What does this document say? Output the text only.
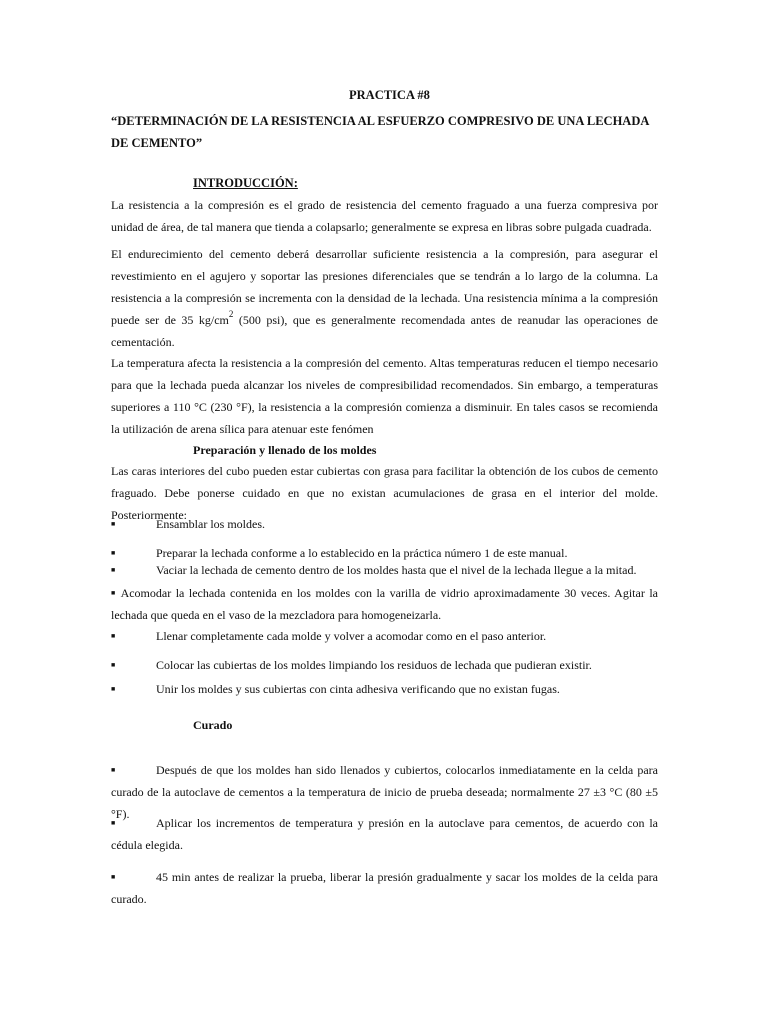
PRACTICA #8

“DETERMINACIÓN DE LA RESISTENCIA AL ESFUERZO COMPRESIVO DE UNA LECHADA DE CEMENTO”

INTRODUCCIÓN:

La resistencia a la compresión es el grado de resistencia del cemento fraguado a una fuerza compresiva por unidad de área, de tal manera que tienda a colapsarlo; generalmente se expresa en libras sobre pulgada cuadrada.

El endurecimiento del cemento deberá desarrollar suficiente resistencia a la compresión, para asegurar el revestimiento en el agujero y soportar las presiones diferenciales que se tendrán a lo largo de la columna. La resistencia a la compresión se incrementa con la densidad de la lechada. Una resistencia mínima a la compresión puede ser de 35 $kg/cm^2$ (500 psi), que es generalmente recomendada antes de reanudar las operaciones de cementación.

La temperatura afecta la resistencia a la compresión del cemento. Altas temperaturas reducen el tiempo necesario para que la lechada pueda alcanzar los niveles de compresibilidad recomendados. Sin embargo, a temperaturas superiores a 110 °C (230 °F), la resistencia a la compresión comienza a disminuir. En tales casos se recomienda la utilización de arena sílica para atenuar este fenómen

Preparación y llenado de los moldes

Las caras interiores del cubo pueden estar cubiertas con grasa para facilitar la obtención de los cubos de cemento fraguado. Debe ponerse cuidado en que no existan acumulaciones de grasa en el interior del molde. Posteriormente:

■	Ensamblar los moldes.
■	Preparar la lechada conforme a lo establecido en la práctica número 1 de este manual.
■	Vaciar la lechada de cemento dentro de los moldes hasta que el nivel de la lechada llegue a la mitad.

■ Acomodar la lechada contenida en los moldes con la varilla de vidrio aproximadamente 30 veces. Agitar la lechada que queda en el vaso de la mezcladora para homogeneizarla.

■	Llenar completamente cada molde y volver a acomodar como en el paso anterior.
■	Colocar las cubiertas de los moldes limpiando los residuos de lechada que pudieran existir.
■	Unir los moldes y sus cubiertas con cinta adhesiva verificando que no existan fugas.
Curado

■	Después de que los moldes han sido llenados y cubiertos, colocarlos inmediatamente en la celda para curado de la autoclave de cementos a la temperatura de inicio de prueba deseada; normalmente 27 ±3 °C (80 ±5 °F).

■	Aplicar los incrementos de temperatura y presión en la autoclave para cementos, de acuerdo con la cédula elegida.

■	45 min antes de realizar la prueba, liberar la presión gradualmente y sacar los moldes de la celda para curado.
